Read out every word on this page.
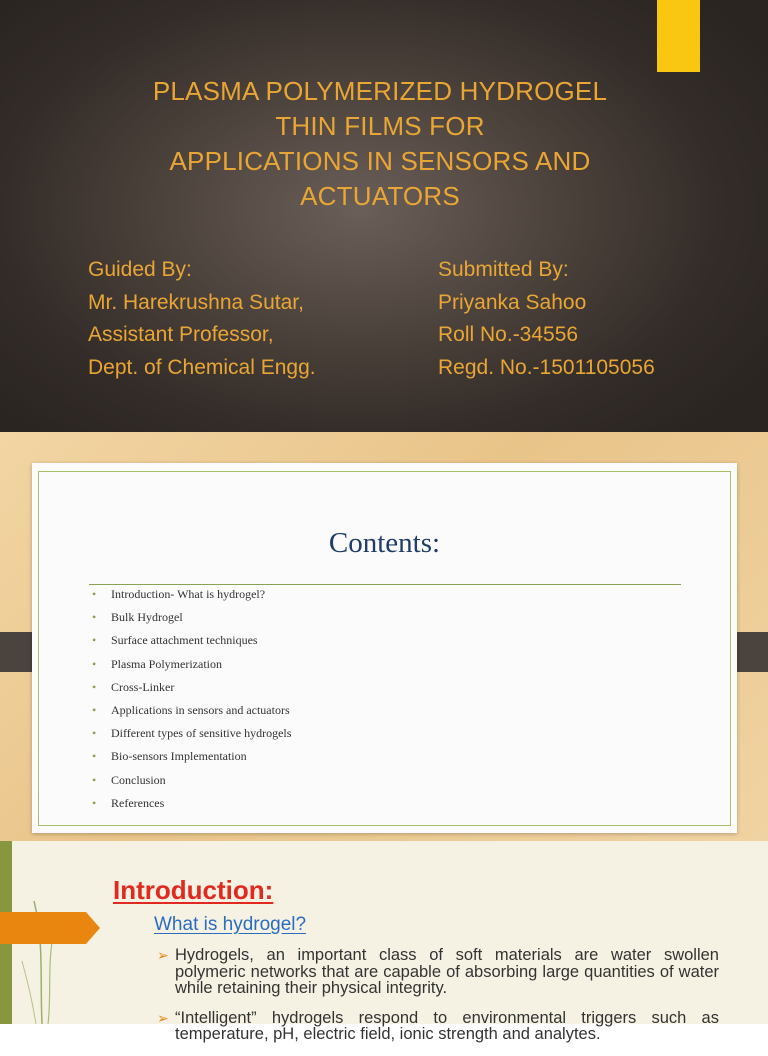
PLASMA POLYMERIZED HYDROGEL
THIN FILMS FOR
APPLICATIONS IN SENSORS AND
ACTUATORS
Guided By:
Mr. Harekrushna Sutar,
Assistant Professor,
Dept. of Chemical Engg.
Submitted By:
Priyanka Sahoo
Roll No.-34556
Regd. No.-1501105056
Contents:
• Introduction- What is hydrogel?
• Bulk Hydrogel
• Surface attachment techniques
• Plasma Polymerization
• Cross-Linker
• Applications in sensors and actuators
• Different types of sensitive hydrogels
• Bio-sensors Implementation
• Conclusion
• References
Introduction:
What is hydrogel?
➢ Hydrogels, an important class of soft materials are water swollen polymeric networks that are capable of absorbing large quantities of water while retaining their physical integrity.
➢ “Intelligent” hydrogels respond to environmental triggers such as temperature, pH, electric field, ionic strength and analytes.
